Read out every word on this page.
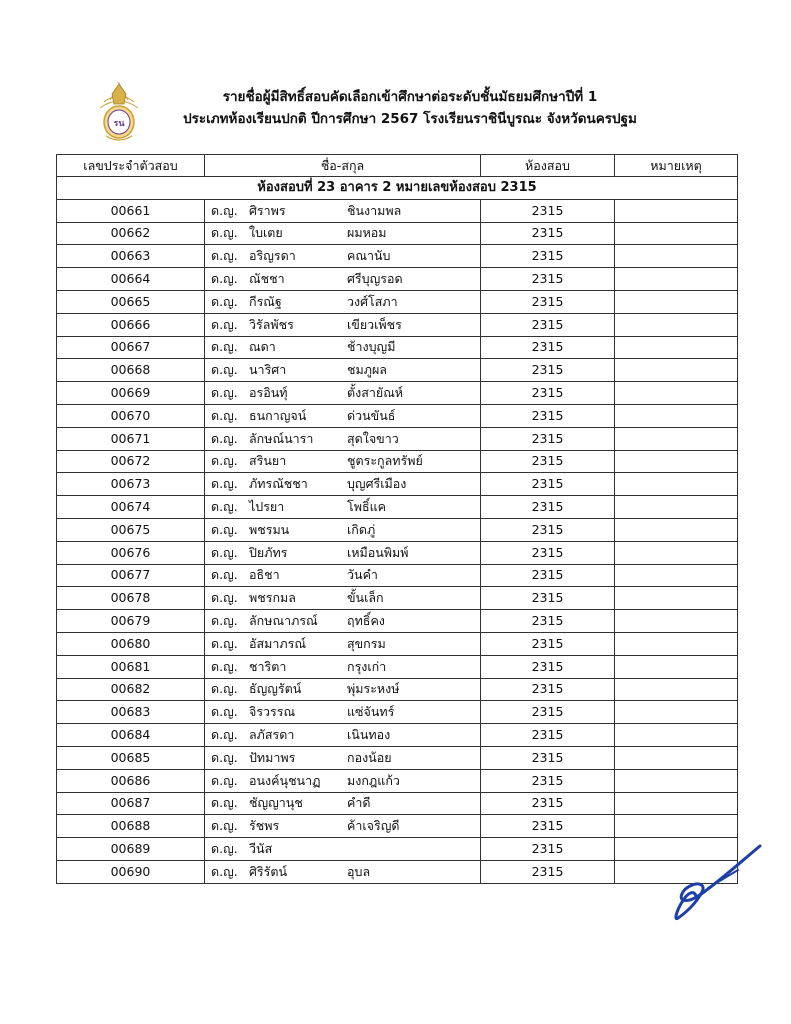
รน
รายชื่อผู้มีสิทธิ์สอบคัดเลือกเข้าศึกษาต่อระดับชั้นมัธยมศึกษาปีที่ 1
ประเภทห้องเรียนปกติ ปีการศึกษา 2567 โรงเรียนราชินีบูรณะ จังหวัดนครปฐม
เลขประจำตัวสอบ	ชื่อ-สกุล	ห้องสอบ	หมายเหตุ
ห้องสอบที่ 23 อาคาร 2 หมายเลขห้องสอบ 2315			
00661	ด.ญ. ศิราพร ชินงามพล	2315	
00662	ด.ญ. ใบเตย ผมหอม	2315	
00663	ด.ญ. อริญรดา คณานับ	2315	
00664	ด.ญ. ณัชชา ศรีบุญรอด	2315	
00665	ด.ญ. กีรณัฐ วงศ์โสภา	2315	
00666	ด.ญ. วิรัลพัชร เขียวเพ็ชร	2315	
00667	ด.ญ. ณดา ช้างบุญมี	2315	
00668	ด.ญ. นาริศา ชมภูผล	2315	
00669	ด.ญ. อรอินทุ์ ตั้งสายัณห์	2315	
00670	ด.ญ. ธนกาญจน์ ด่วนขันธ์	2315	
00671	ด.ญ. ลักษณ์นารา สุดใจขาว	2315	
00672	ด.ญ. สรินยา ชูตระกูลทรัพย์	2315	
00673	ด.ญ. ภัทรณัชชา บุญศรีเมือง	2315	
00674	ด.ญ. ไปรยา โพธิ์แค	2315	
00675	ด.ญ. พชรมน เกิดภู่	2315	
00676	ด.ญ. ปิยภัทร เหมือนพิมพ์	2315	
00677	ด.ญ. อธิชา วันคำ	2315	
00678	ด.ญ. พชรกมล ขั้นเล็ก	2315	
00679	ด.ญ. ลักษณาภรณ์ ฤทธิ์คง	2315	
00680	ด.ญ. อัสมาภรณ์ สุขกรม	2315	
00681	ด.ญ. ชาริตา กรุงเก่า	2315	
00682	ด.ญ. ธัญญรัตน์ พุ่มระหงษ์	2315	
00683	ด.ญ. จิรวรรณ แซ่จันทร์	2315	
00684	ด.ญ. ลภัสรดา เนินทอง	2315	
00685	ด.ญ. ปัทมาพร กองน้อย	2315	
00686	ด.ญ. อนงค์นุชนาฏ มงกฎแก้ว	2315	
00687	ด.ญ. ชัญญานุช คำดี	2315	
00688	ด.ญ. รัชพร ค้าเจริญดี	2315	
00689	ด.ญ. วีนัส	2315	
00690	ด.ญ. ศิริรัตน์ อุบล	2315	
